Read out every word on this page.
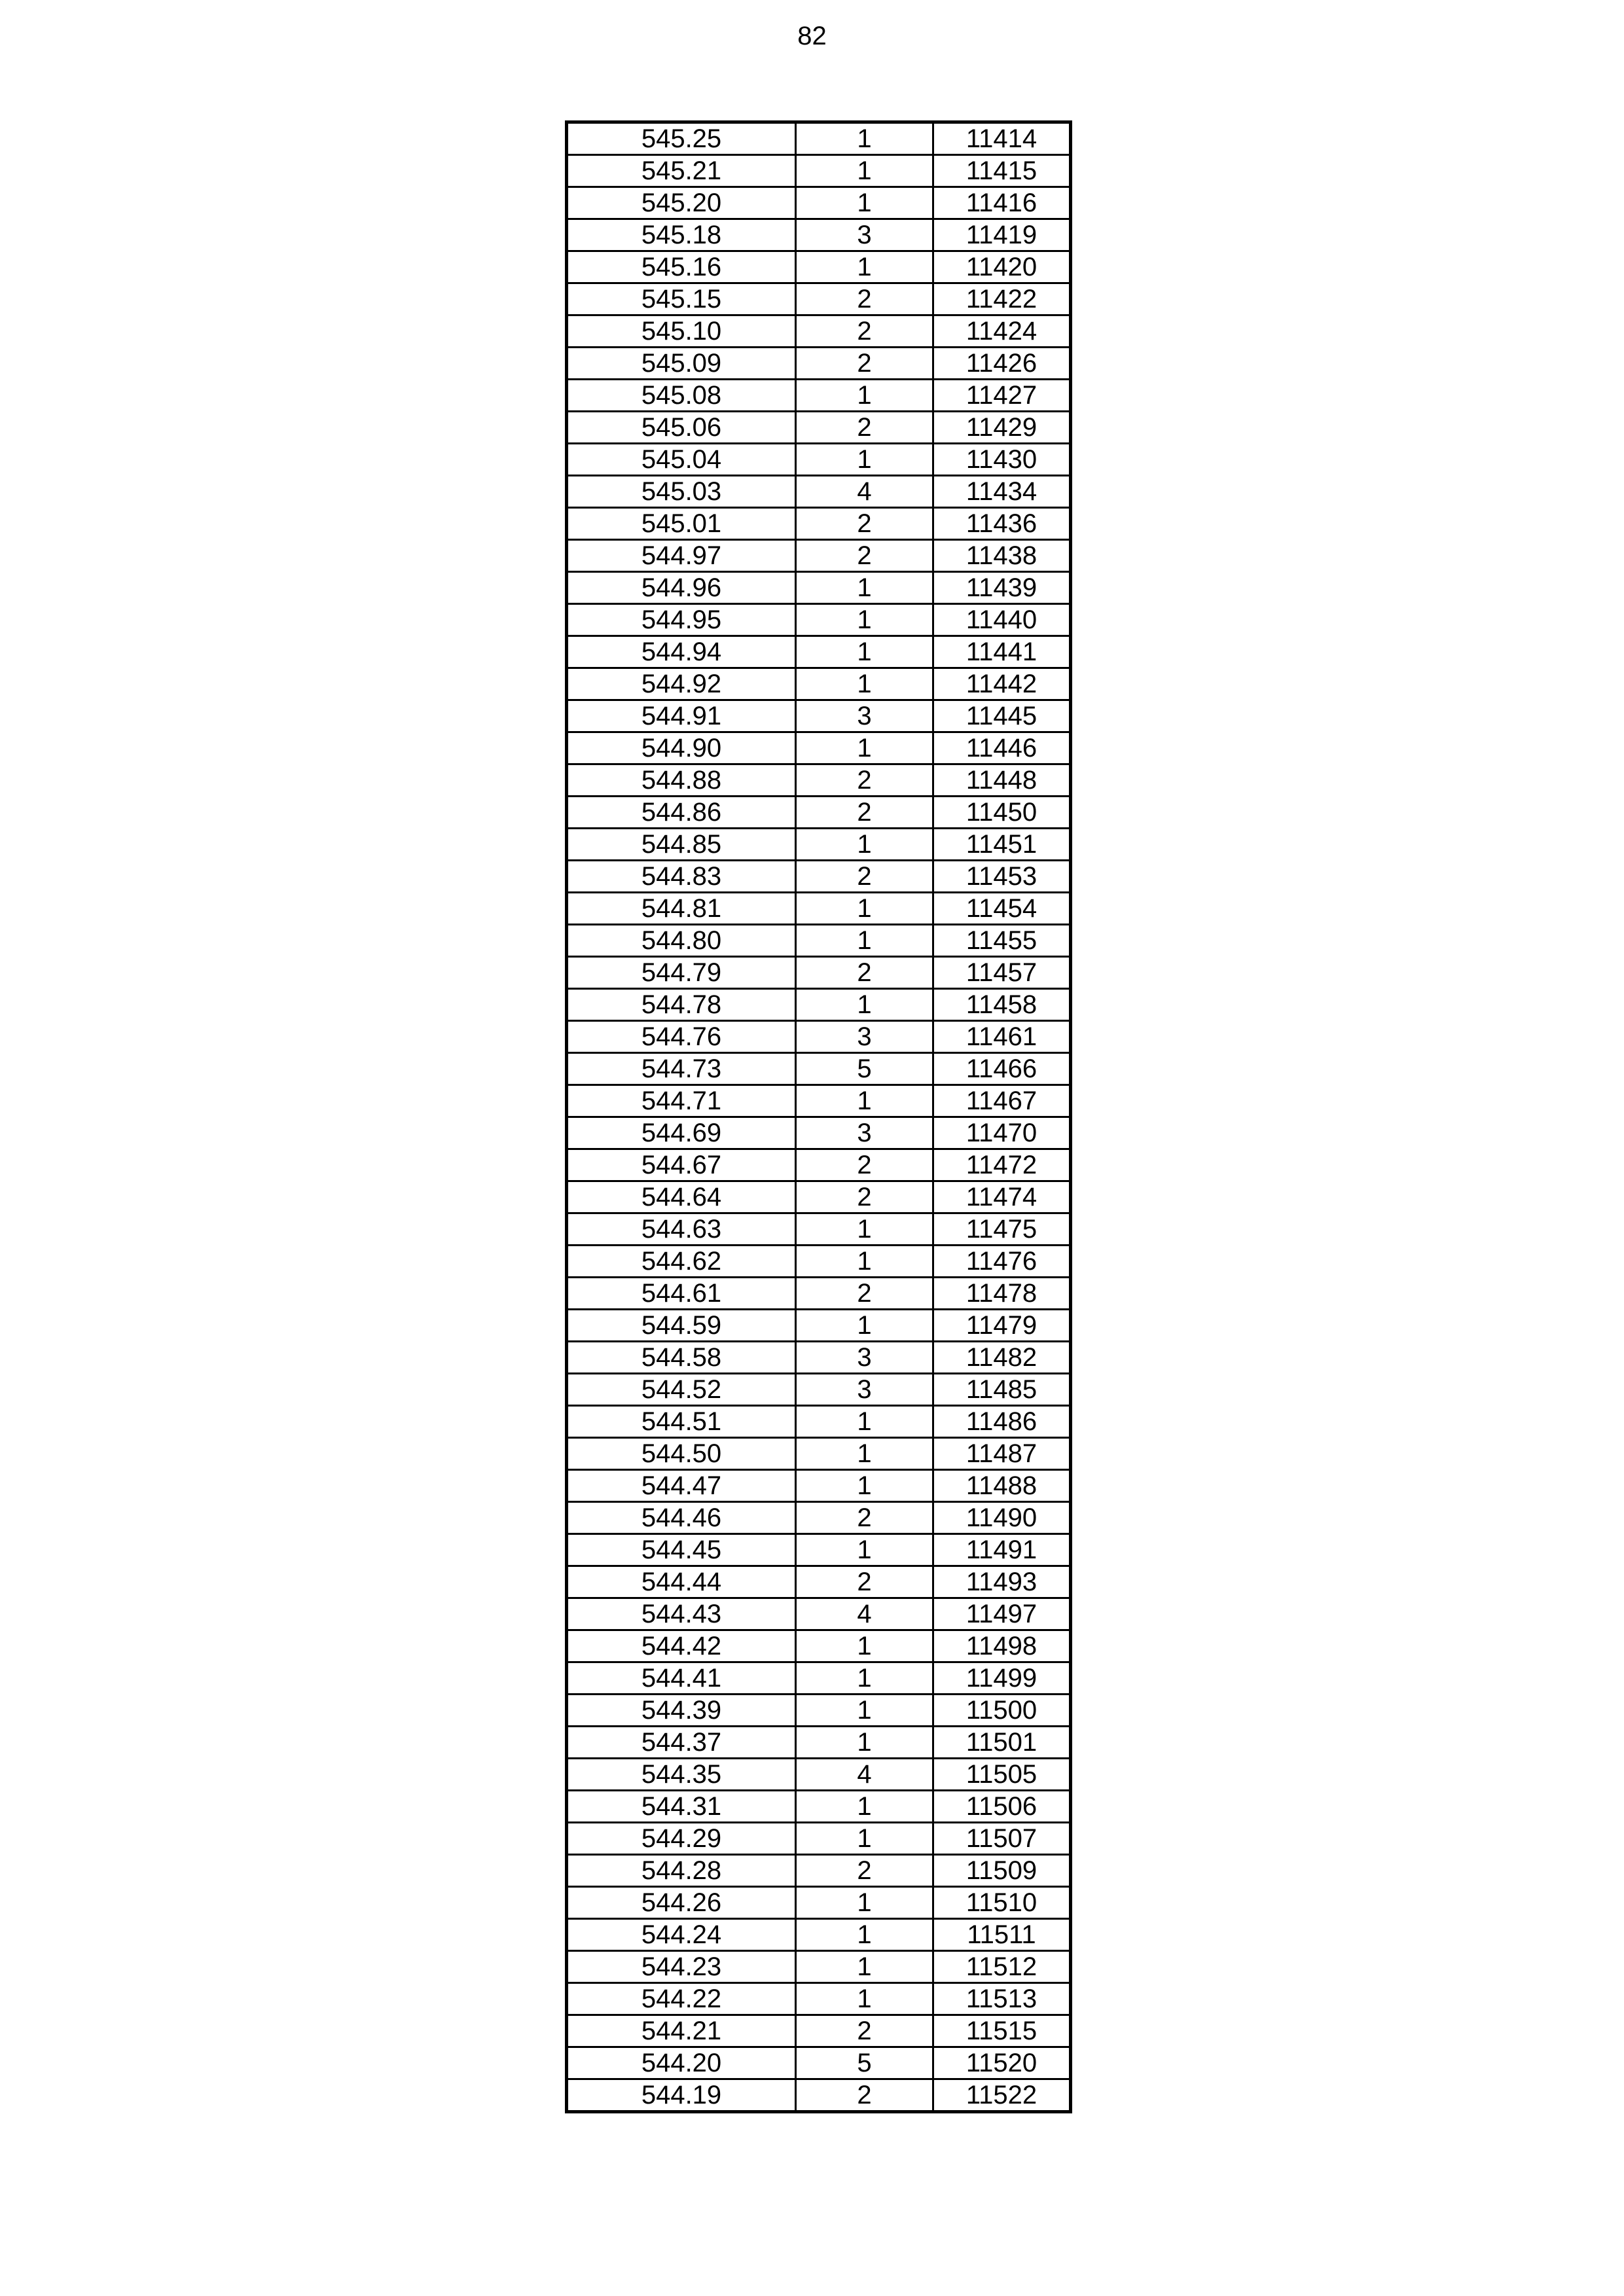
82
545.25	1	11414
545.21	1	11415
545.20	1	11416
545.18	3	11419
545.16	1	11420
545.15	2	11422
545.10	2	11424
545.09	2	11426
545.08	1	11427
545.06	2	11429
545.04	1	11430
545.03	4	11434
545.01	2	11436
544.97	2	11438
544.96	1	11439
544.95	1	11440
544.94	1	11441
544.92	1	11442
544.91	3	11445
544.90	1	11446
544.88	2	11448
544.86	2	11450
544.85	1	11451
544.83	2	11453
544.81	1	11454
544.80	1	11455
544.79	2	11457
544.78	1	11458
544.76	3	11461
544.73	5	11466
544.71	1	11467
544.69	3	11470
544.67	2	11472
544.64	2	11474
544.63	1	11475
544.62	1	11476
544.61	2	11478
544.59	1	11479
544.58	3	11482
544.52	3	11485
544.51	1	11486
544.50	1	11487
544.47	1	11488
544.46	2	11490
544.45	1	11491
544.44	2	11493
544.43	4	11497
544.42	1	11498
544.41	1	11499
544.39	1	11500
544.37	1	11501
544.35	4	11505
544.31	1	11506
544.29	1	11507
544.28	2	11509
544.26	1	11510
544.24	1	11511
544.23	1	11512
544.22	1	11513
544.21	2	11515
544.20	5	11520
544.19	2	11522
